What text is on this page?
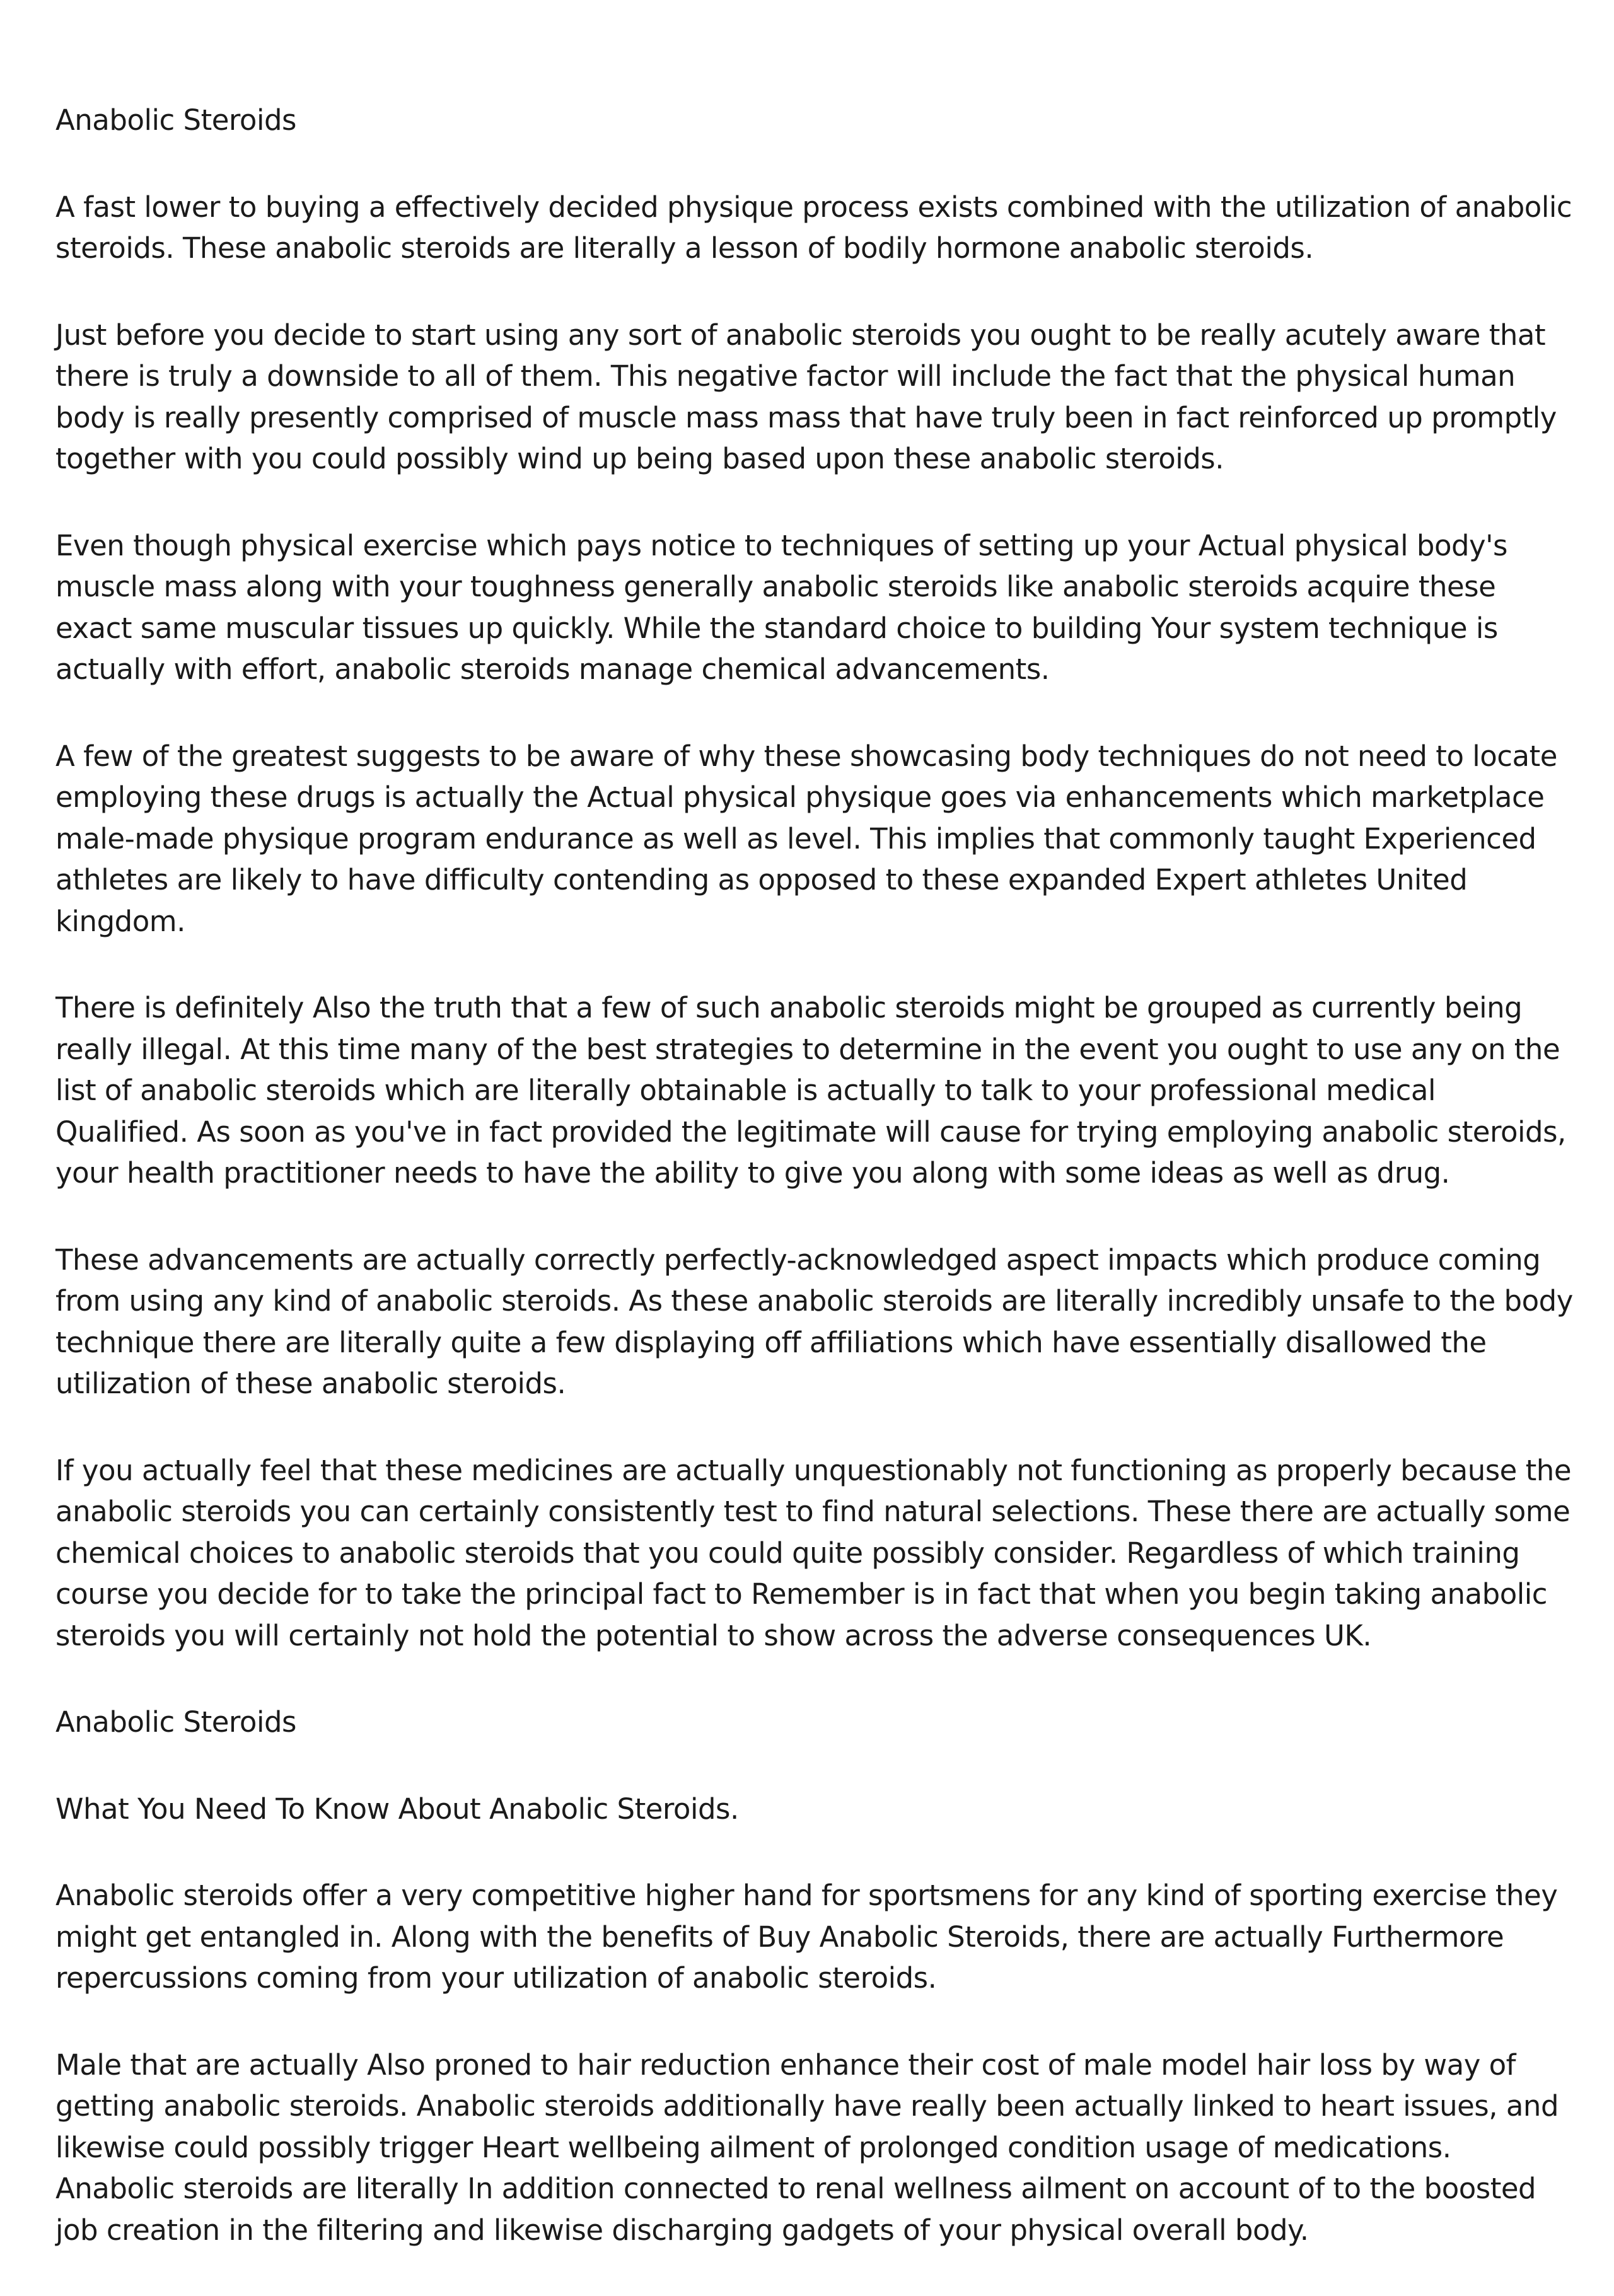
Anabolic Steroids

A fast lower to buying a effectively decided physique process exists combined with the utilization of anabolic steroids. These anabolic steroids are literally a lesson of bodily hormone anabolic steroids.

Just before you decide to start using any sort of anabolic steroids you ought to be really acutely aware that there is truly a downside to all of them. This negative factor will include the fact that the physical human body is really presently comprised of muscle mass mass that have truly been in fact reinforced up promptly together with you could possibly wind up being based upon these anabolic steroids.

Even though physical exercise which pays notice to techniques of setting up your Actual physical body's muscle mass along with your toughness generally anabolic steroids like anabolic steroids acquire these exact same muscular tissues up quickly. While the standard choice to building Your system technique is actually with effort, anabolic steroids manage chemical advancements.

A few of the greatest suggests to be aware of why these showcasing body techniques do not need to locate employing these drugs is actually the Actual physical physique goes via enhancements which marketplace male-made physique program endurance as well as level. This implies that commonly taught Experienced athletes are likely to have difficulty contending as opposed to these expanded Expert athletes United kingdom.

There is definitely Also the truth that a few of such anabolic steroids might be grouped as currently being really illegal. At this time many of the best strategies to determine in the event you ought to use any on the list of anabolic steroids which are literally obtainable is actually to talk to your professional medical Qualified. As soon as you've in fact provided the legitimate will cause for trying employing anabolic steroids, your health practitioner needs to have the ability to give you along with some ideas as well as drug.

These advancements are actually correctly perfectly-acknowledged aspect impacts which produce coming from using any kind of anabolic steroids. As these anabolic steroids are literally incredibly unsafe to the body technique there are literally quite a few displaying off affiliations which have essentially disallowed the utilization of these anabolic steroids.

If you actually feel that these medicines are actually unquestionably not functioning as properly because the anabolic steroids you can certainly consistently test to find natural selections. These there are actually some chemical choices to anabolic steroids that you could quite possibly consider. Regardless of which training course you decide for to take the principal fact to Remember is in fact that when you begin taking anabolic steroids you will certainly not hold the potential to show across the adverse consequences UK.

Anabolic Steroids

What You Need To Know About Anabolic Steroids.

Anabolic steroids offer a very competitive higher hand for sportsmens for any kind of sporting exercise they might get entangled in. Along with the benefits of Buy Anabolic Steroids, there are actually Furthermore repercussions coming from your utilization of anabolic steroids.

Male that are actually Also proned to hair reduction enhance their cost of male model hair loss by way of getting anabolic steroids. Anabolic steroids additionally have really been actually linked to heart issues, and likewise could possibly trigger Heart wellbeing ailment of prolonged condition usage of medications. Anabolic steroids are literally In addition connected to renal wellness ailment on account of to the boosted job creation in the filtering and likewise discharging gadgets of your physical overall body.
